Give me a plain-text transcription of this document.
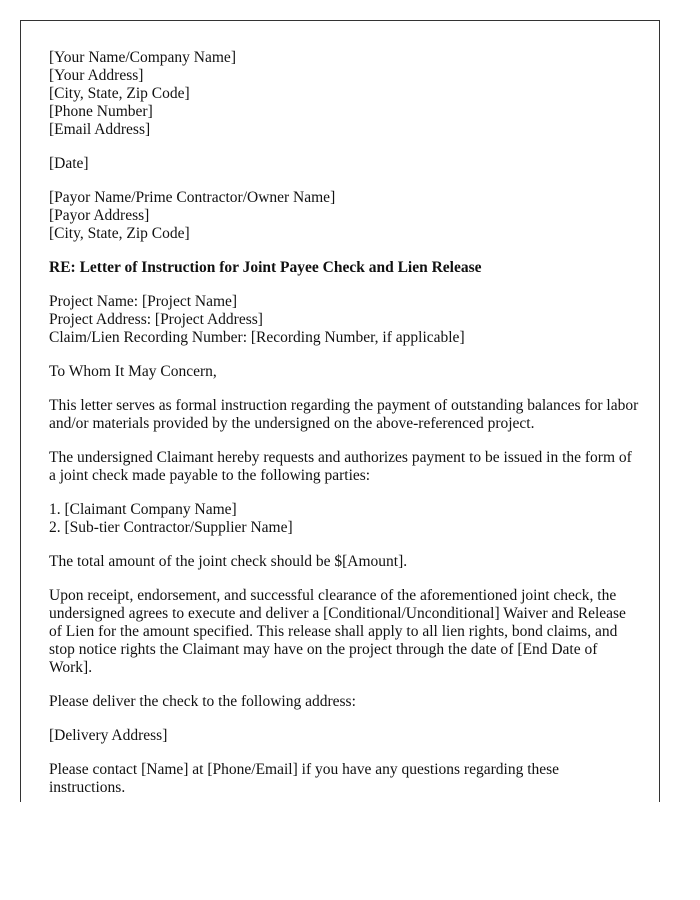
[Your Name/Company Name]
[Your Address]
[City, State, Zip Code]
[Phone Number]
[Email Address]
[Date]
[Payor Name/Prime Contractor/Owner Name]
[Payor Address]
[City, State, Zip Code]
RE: Letter of Instruction for Joint Payee Check and Lien Release
Project Name: [Project Name]
Project Address: [Project Address]
Claim/Lien Recording Number: [Recording Number, if applicable]

To Whom It May Concern,

This letter serves as formal instruction regarding the payment of outstanding balances for labor and/or materials provided by the undersigned on the above-referenced project.

The undersigned Claimant hereby requests and authorizes payment to be issued in the form of a joint check made payable to the following parties:

1. [Claimant Company Name]
2. [Sub-tier Contractor/Supplier Name]

The total amount of the joint check should be $[Amount].

Upon receipt, endorsement, and successful clearance of the aforementioned joint check, the undersigned agrees to execute and deliver a [Conditional/Unconditional] Waiver and Release of Lien for the amount specified. This release shall apply to all lien rights, bond claims, and stop notice rights the Claimant may have on the project through the date of [End Date of Work].

Please deliver the check to the following address:

[Delivery Address]

Please contact [Name] at [Phone/Email] if you have any questions regarding these instructions.
